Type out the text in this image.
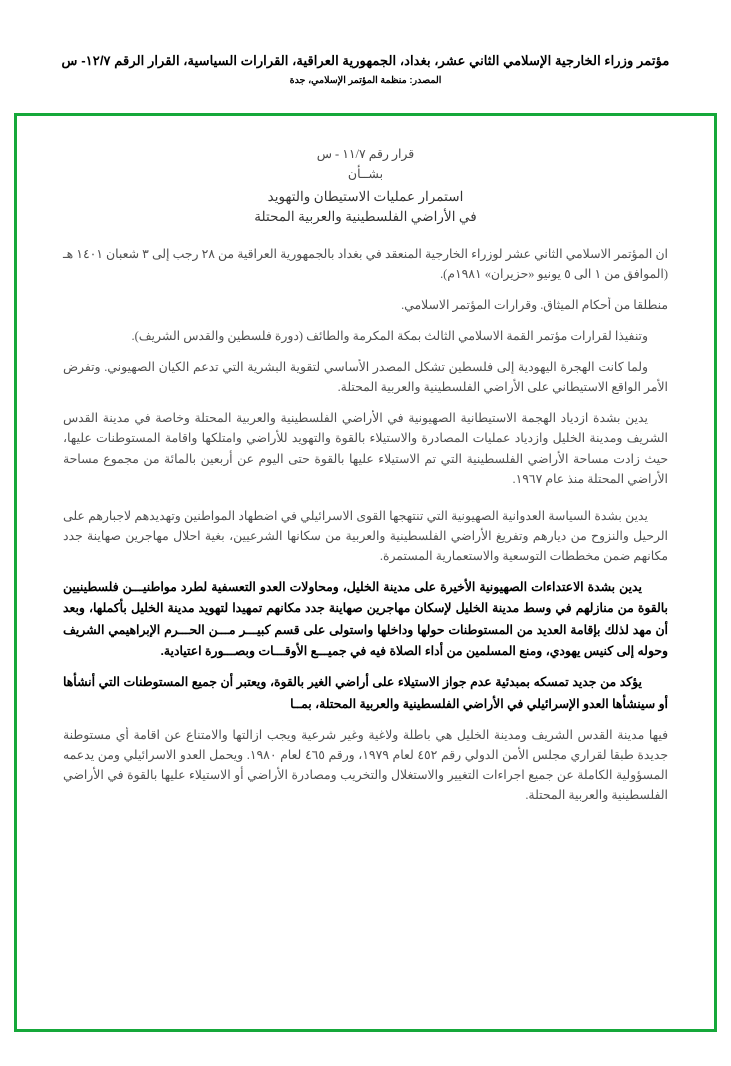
مؤتمر وزراء الخارجية الإسلامي الثاني عشر، بغداد، الجمهورية العراقية، القرارات السياسية، القرار الرقم ١٢/٧- س
المصدر: منظمة المؤتمر الإسلامي، جدة
قرار رقم ١١/٧ - س
بشــأن
استمرار عمليات الاستيطان والتهويد
في الأراضي الفلسطينية والعربية المحتلة

ان المؤتمر الاسلامي الثاني عشر لوزراء الخارجية المنعقد في بغداد بالجمهورية العراقية من ٢٨ رجب إلى ٣ شعبان ١٤٠١ هـ (الموافق من ١ الى ٥ يونيو «حزيران» ١٩٨١م).

منطلقا من أحكام الميثاق. وقرارات المؤتمر الاسلامي.

وتنفيذا لقرارات مؤتمر القمة الاسلامي الثالث بمكة المكرمة والطائف (دورة فلسطين والقدس الشريف).

ولما كانت الهجرة اليهودية إلى فلسطين تشكل المصدر الأساسي لتقوية البشرية التي تدعم الكيان الصهيوني. وتفرض الأمر الواقع الاستيطاني على الأراضي الفلسطينية والعربية المحتلة.

يدين بشدة ازدياد الهجمة الاستيطانية الصهيونية في الأراضي الفلسطينية والعربية المحتلة وخاصة في مدينة القدس الشريف ومدينة الخليل وازدياد عمليات المصادرة والاستيلاء بالقوة والتهويد للأراضي وامتلكها واقامة المستوطنات عليها، حيث زادت مساحة الأراضي الفلسطينية التي تم الاستيلاء عليها بالقوة حتى اليوم عن أربعين بالمائة من مجموع مساحة الأراضي المحتلة منذ عام ١٩٦٧.

يدين بشدة السياسة العدوانية الصهيونية التي تنتهجها القوى الاسرائيلي في اضطهاد المواطنين وتهديدهم لاجبارهم على الرحيل والنزوح من ديارهم وتفريغ الأراضي الفلسطينية والعربية من سكانها الشرعيين، بغية احلال مهاجرين صهاينة جدد مكانهم ضمن مخططات التوسعية والاستعمارية المستمرة.

يدين بشدة الاعتداءات الصهيونية الأخيرة على مدينة الخليل، ومحاولات العدو التعسفية لطرد مواطنيـــن فلسطينيين بالقوة من منازلهم في وسط مدينة الخليل لإسكان مهاجرين صهاينة جدد مكانهم تمهيدا لتهويد مدينة الخليل بأكملها، وبعد أن مهد لذلك بإقامة العديد من المستوطنات حولها وداخلها واستولى على قسم كبيـــر مـــن الحـــرم الإبراهيمي الشريف وحوله إلى كنيس يهودي، ومنع المسلمين من أداء الصلاة فيه في جميـــع الأوقـــات وبصـــورة اعتيادية.

يؤكد من جديد تمسكه بمبدئية عدم جواز الاستيلاء على أراضي الغير بالقوة، ويعتبر أن جميع المستوطنات التي أنشأها أو سينشأها العدو الإسرائيلي في الأراضي الفلسطينية والعربية المحتلة، بمــا

فيها مدينة القدس الشريف ومدينة الخليل هي باطلة ولاغية وغير شرعية ويجب ازالتها والامتناع عن اقامة أي مستوطنة جديدة طبقا لقراري مجلس الأمن الدولي رقم ٤٥٢ لعام ١٩٧٩، ورقم ٤٦٥ لعام ١٩٨٠. ويحمل العدو الاسرائيلي ومن يدعمه المسؤولية الكاملة عن جميع اجراءات التغيير والاستغلال والتخريب ومصادرة الأراضي أو الاستيلاء عليها بالقوة في الأراضي الفلسطينية والعربية المحتلة.
